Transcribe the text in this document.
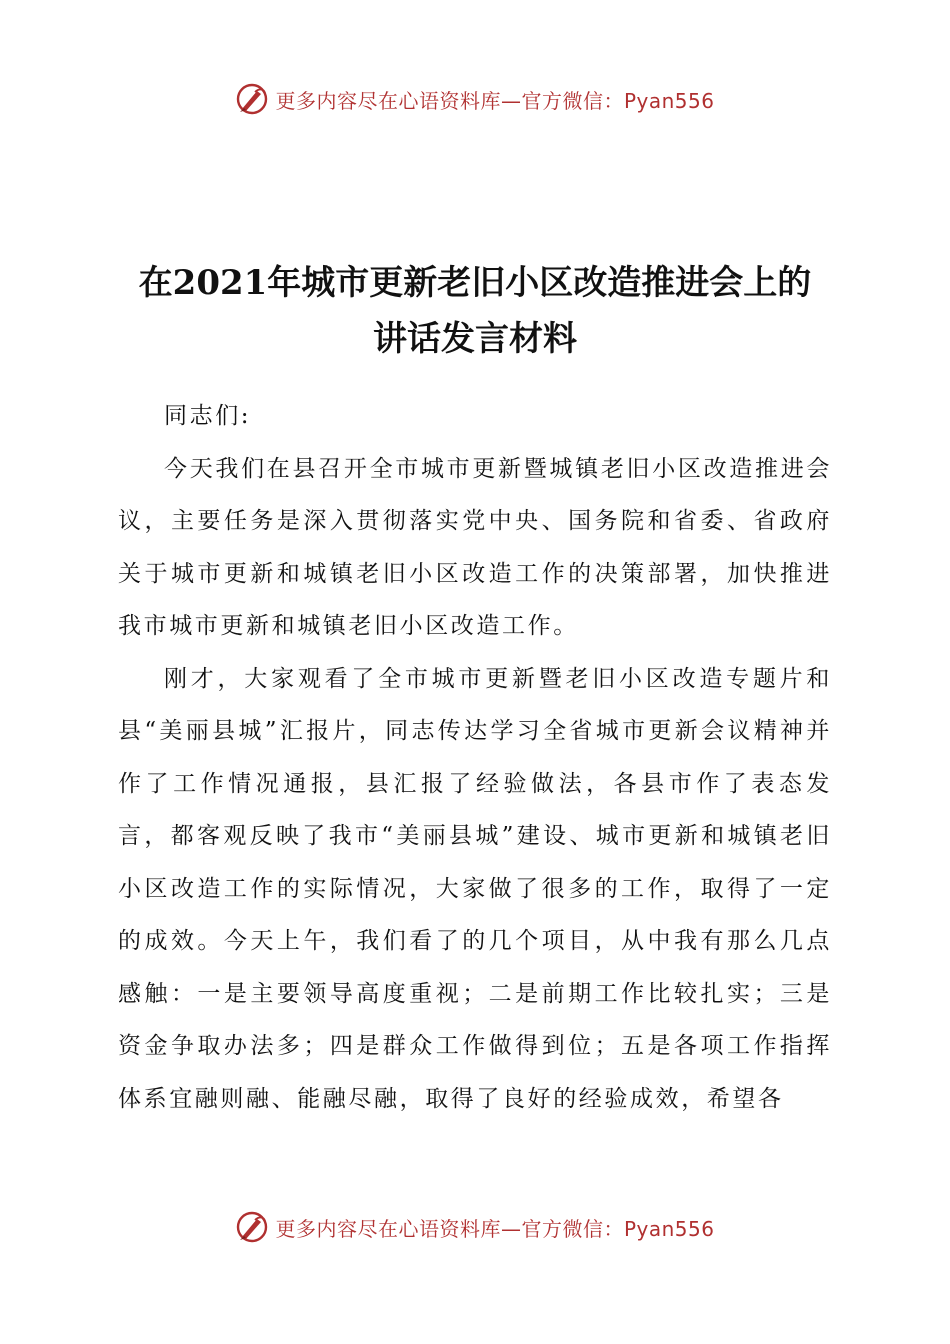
更多内容尽在心语资料库—官方微信：Pyan556
在2021年城市更新老旧小区改造推进会上的
讲话发言材料

同志们:

今天我们在县召开全市城市更新暨城镇老旧小区改造推进会议，主要任务是深入贯彻落实党中央、国务院和省委、省政府关于城市更新和城镇老旧小区改造工作的决策部署，加快推进我市城市更新和城镇老旧小区改造工作。

刚才，大家观看了全市城市更新暨老旧小区改造专题片和县“美丽县城”汇报片，同志传达学习全省城市更新会议精神并作了工作情况通报，县汇报了经验做法，各县市作了表态发言，都客观反映了我市“美丽县城”建设、城市更新和城镇老旧小区改造工作的实际情况，大家做了很多的工作，取得了一定的成效。今天上午，我们看了的几个项目，从中我有那么几点感触：一是主要领导高度重视；二是前期工作比较扎实；三是资金争取办法多；四是群众工作做得到位；五是各项工作指挥体系宜融则融、能融尽融，取得了良好的经验成效，希望各

更多内容尽在心语资料库—官方微信：Pyan556
